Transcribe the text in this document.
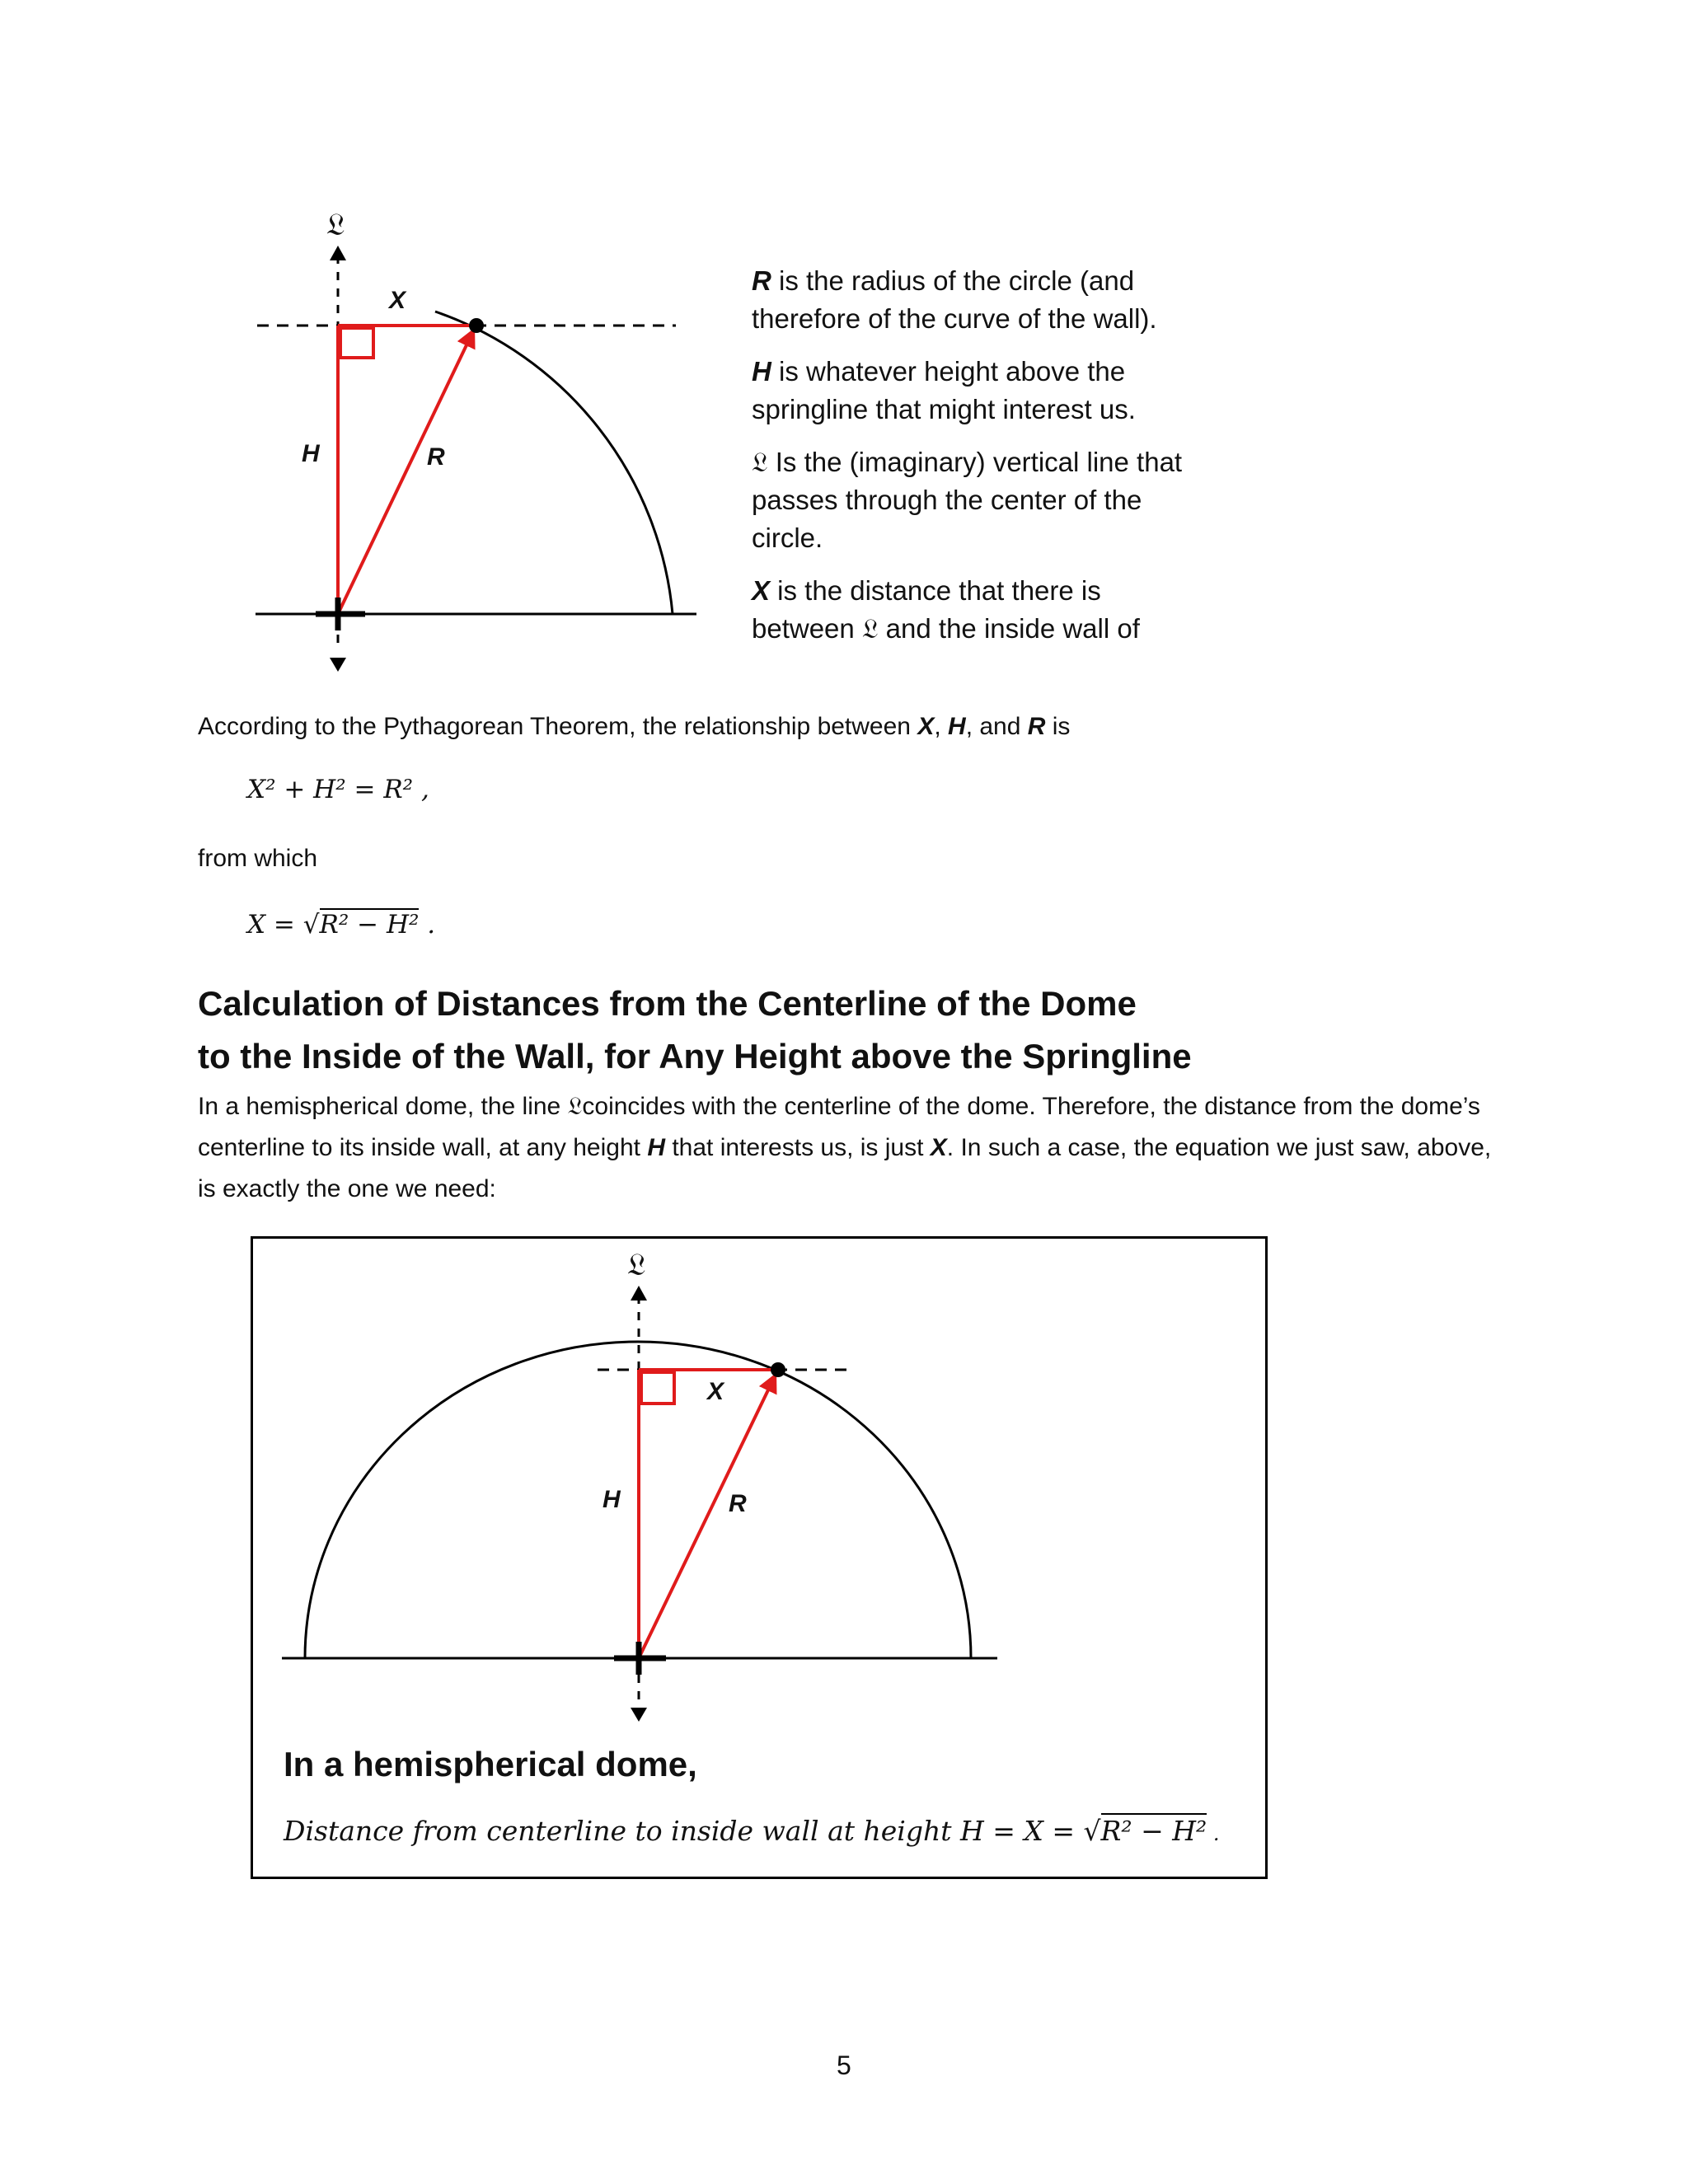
𝔏
X
H	R

R is the radius of the circle (and therefore of the curve of the wall).

H is whatever height above the springline that might interest us.

𝔏 Is the (imaginary) vertical line that passes through the center of the circle.

X is the distance that there is between 𝔏 and the inside wall of

According to the Pythagorean Theorem, the relationship between X, H, and R is
X² + H² = R² ,
from which
X = √R² − H² .

Calculation of Distances from the Centerline of the Dome

to the Inside of the Wall, for Any Height above the Springline

In a hemispherical dome, the line 𝔏coincides with the centerline of the dome. Therefore, the distance from the dome’s centerline to its inside wall, at any height H that interests us, is just X. In such a case, the equation we just saw, above, is exactly the one we need:
𝔏
X
H	R
In a hemispherical dome,
Distance from centerline to inside wall at height H = X = √R² − H² .
5
